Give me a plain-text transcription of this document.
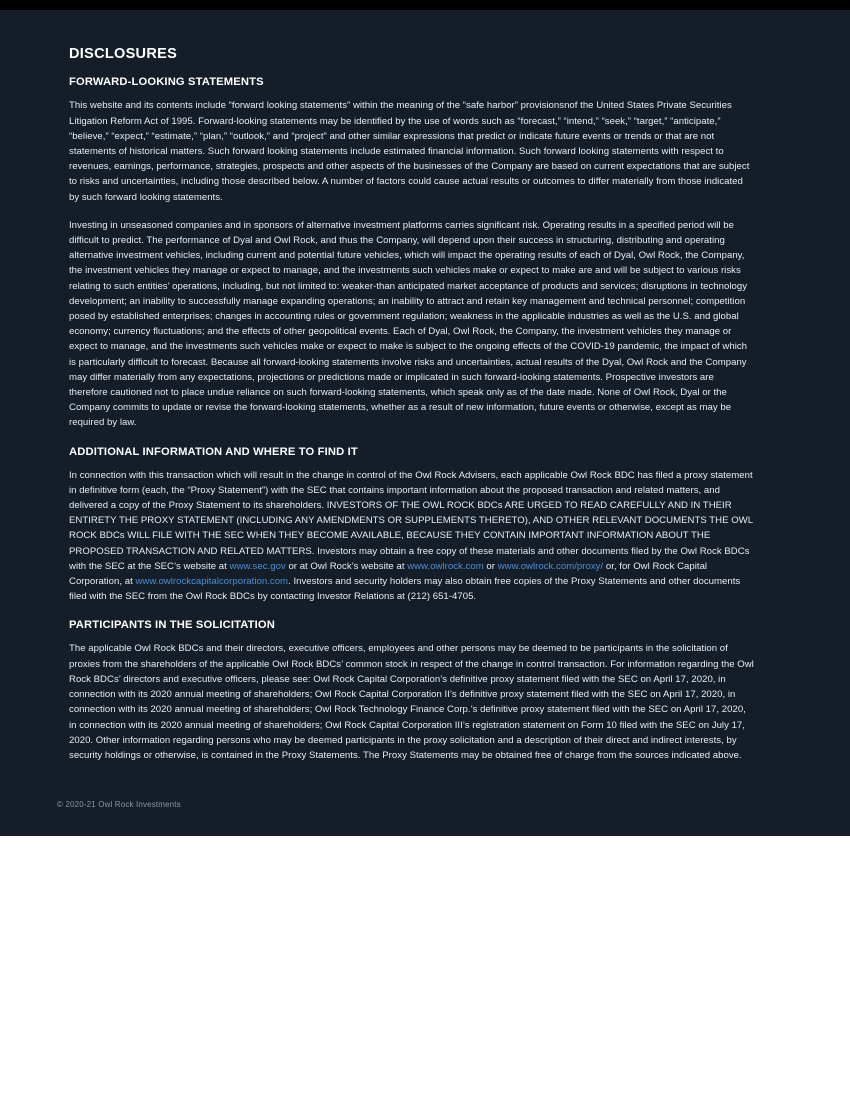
DISCLOSURES
FORWARD-LOOKING STATEMENTS

This website and its contents include “forward looking statements” within the meaning of the “safe harbor” provisionsnof the United States Private Securities Litigation Reform Act of 1995. Forward-looking statements may be identified by the use of words such as “forecast,” “intend,” “seek,” “target,” “anticipate,” “believe,” “expect,” “estimate,” “plan,” “outlook,” and “project” and other similar expressions that predict or indicate future events or trends or that are not statements of historical matters. Such forward looking statements include estimated financial information. Such forward looking statements with respect to revenues, earnings, performance, strategies, prospects and other aspects of the businesses of the Company are based on current expectations that are subject to risks and uncertainties, including those described below. A number of factors could cause actual results or outcomes to differ materially from those indicated by such forward looking statements.

Investing in unseasoned companies and in sponsors of alternative investment platforms carries significant risk. Operating results in a specified period will be difficult to predict. The performance of Dyal and Owl Rock, and thus the Company, will depend upon their success in structuring, distributing and operating alternative investment vehicles, including current and potential future vehicles, which will impact the operating results of each of Dyal, Owl Rock, the Company, the investment vehicles they manage or expect to manage, and the investments such vehicles make or expect to make are and will be subject to various risks relating to such entities’ operations, including, but not limited to: weaker-than anticipated market acceptance of products and services; disruptions in technology development; an inability to successfully manage expanding operations; an inability to attract and retain key management and technical personnel; competition posed by established enterprises; changes in accounting rules or government regulation; weakness in the applicable industries as well as the U.S. and global economy; currency fluctuations; and the effects of other geopolitical events. Each of Dyal, Owl Rock, the Company, the investment vehicles they manage or expect to manage, and the investments such vehicles make or expect to make is subject to the ongoing effects of the COVID-19 pandemic, the impact of which is particularly difficult to forecast. Because all forward-looking statements involve risks and uncertainties, actual results of the Dyal, Owl Rock and the Company may differ materially from any expectations, projections or predictions made or implicated in such forward-looking statements. Prospective investors are therefore cautioned not to place undue reliance on such forward-looking statements, which speak only as of the date made. None of Owl Rock, Dyal or the Company commits to update or revise the forward-looking statements, whether as a result of new information, future events or otherwise, except as may be required by law.

ADDITIONAL INFORMATION AND WHERE TO FIND IT

In connection with this transaction which will result in the change in control of the Owl Rock Advisers, each applicable Owl Rock BDC has filed a proxy statement in definitive form (each, the “Proxy Statement”) with the SEC that contains important information about the proposed transaction and related matters, and delivered a copy of the Proxy Statement to its shareholders. INVESTORS OF THE OWL ROCK BDCs ARE URGED TO READ CAREFULLY AND IN THEIR ENTIRETY THE PROXY STATEMENT (INCLUDING ANY AMENDMENTS OR SUPPLEMENTS THERETO), AND OTHER RELEVANT DOCUMENTS THE OWL ROCK BDCs WILL FILE WITH THE SEC WHEN THEY BECOME AVAILABLE, BECAUSE THEY CONTAIN IMPORTANT INFORMATION ABOUT THE PROPOSED TRANSACTION AND RELATED MATTERS. Investors may obtain a free copy of these materials and other documents filed by the Owl Rock BDCs with the SEC at the SEC’s website at www.sec.gov or at Owl Rock’s website at www.owlrock.com or www.owlrock.com/proxy/ or, for Owl Rock Capital Corporation, at www.owlrockcapitalcorporation.com. Investors and security holders may also obtain free copies of the Proxy Statements and other documents filed with the SEC from the Owl Rock BDCs by contacting Investor Relations at (212) 651-4705.

PARTICIPANTS IN THE SOLICITATION

The applicable Owl Rock BDCs and their directors, executive officers, employees and other persons may be deemed to be participants in the solicitation of proxies from the shareholders of the applicable Owl Rock BDCs’ common stock in respect of the change in control transaction. For information regarding the Owl Rock BDCs’ directors and executive officers, please see: Owl Rock Capital Corporation’s definitive proxy statement filed with the SEC on April 17, 2020, in connection with its 2020 annual meeting of shareholders; Owl Rock Capital Corporation II’s definitive proxy statement filed with the SEC on April 17, 2020, in connection with its 2020 annual meeting of shareholders; Owl Rock Technology Finance Corp.’s definitive proxy statement filed with the SEC on April 17, 2020, in connection with its 2020 annual meeting of shareholders; Owl Rock Capital Corporation III’s registration statement on Form 10 filed with the SEC on July 17, 2020. Other information regarding persons who may be deemed participants in the proxy solicitation and a description of their direct and indirect interests, by security holdings or otherwise, is contained in the Proxy Statements. The Proxy Statements may be obtained free of charge from the sources indicated above.

© 2020-21 Owl Rock Investments
